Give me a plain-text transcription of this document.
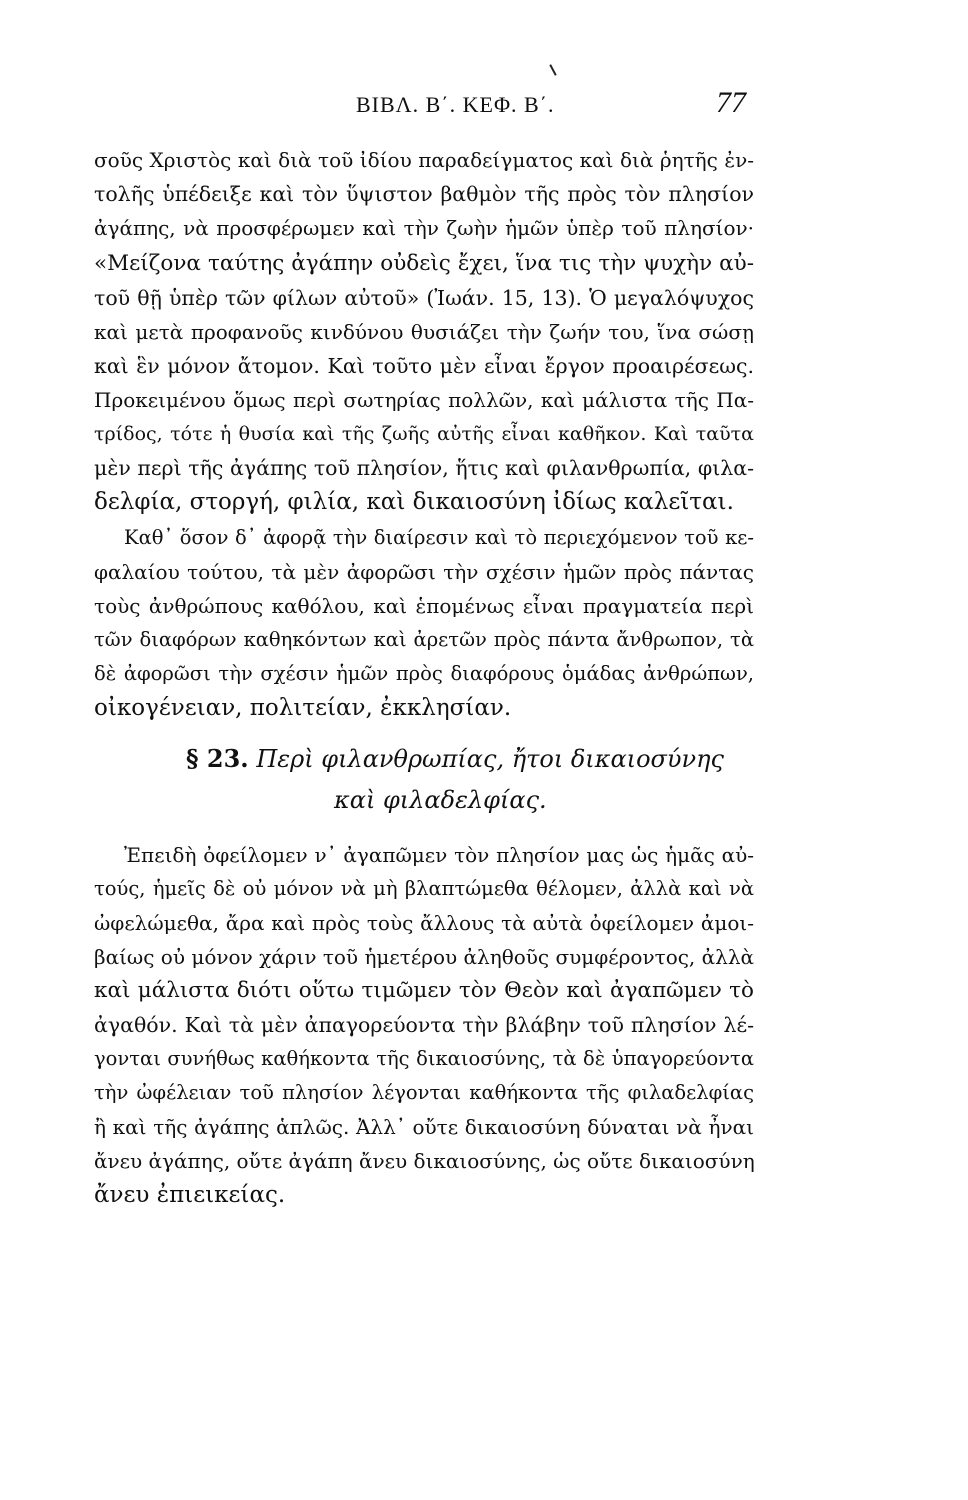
ΒΙΒΛ. Β΄. ΚΕΦ. Β΄.	77
σοῦς Χριστὸς καὶ διὰ τοῦ ἰδίου παραδείγματος καὶ διὰ ῥητῆς ἐν-
τολῆς ὑπέδειξε καὶ τὸν ὕψιστον βαθμὸν τῆς πρὸς τὸν πλησίον
ἀγάπης, νὰ προσφέρωμεν καὶ τὴν ζωὴν ἡμῶν ὑπὲρ τοῦ πλησίον·
«Μείζονα ταύτης ἀγάπην οὐδεὶς ἔχει, ἵνα τις τὴν ψυχὴν αὐ-
τοῦ θῇ ὑπὲρ τῶν φίλων αὐτοῦ» (Ἰωάν. 15, 13). Ὁ μεγαλόψυχος
καὶ μετὰ προφανοῦς κινδύνου θυσιάζει τὴν ζωήν του, ἵνα σώσῃ
καὶ ἓν μόνον ἄτομον. Καὶ τοῦτο μὲν εἶναι ἔργον προαιρέσεως.
Προκειμένου ὅμως περὶ σωτηρίας πολλῶν, καὶ μάλιστα τῆς Πα-
τρίδος, τότε ἡ θυσία καὶ τῆς ζωῆς αὐτῆς εἶναι καθῆκον. Καὶ ταῦτα
μὲν περὶ τῆς ἀγάπης τοῦ πλησίον, ἥτις καὶ φιλανθρωπία, φιλα-
δελφία, στοργή, φιλία, καὶ δικαιοσύνη ἰδίως καλεῖται.
Καθ᾽ ὅσον δ᾽ ἀφορᾷ τὴν διαίρεσιν καὶ τὸ περιεχόμενον τοῦ κε-
φαλαίου τούτου, τὰ μὲν ἀφορῶσι τὴν σχέσιν ἡμῶν πρὸς πάντας
τοὺς ἀνθρώπους καθόλου, καὶ ἑπομένως εἶναι πραγματεία περὶ
τῶν διαφόρων καθηκόντων καὶ ἀρετῶν πρὸς πάντα ἄνθρωπον, τὰ
δὲ ἀφορῶσι τὴν σχέσιν ἡμῶν πρὸς διαφόρους ὁμάδας ἀνθρώπων,
οἰκογένειαν, πολιτείαν, ἐκκλησίαν.
§ 23. Περὶ φιλανθρωπίας, ἤτοι δικαιοσύνης
καὶ φιλαδελφίας.
Ἐπειδὴ ὀφείλομεν ν᾽ ἀγαπῶμεν τὸν πλησίον μας ὡς ἡμᾶς αὐ-
τούς, ἡμεῖς δὲ οὐ μόνον νὰ μὴ βλαπτώμεθα θέλομεν, ἀλλὰ καὶ νὰ
ὠφελώμεθα, ἄρα καὶ πρὸς τοὺς ἄλλους τὰ αὐτὰ ὀφείλομεν ἀμοι-
βαίως οὐ μόνον χάριν τοῦ ἡμετέρου ἀληθοῦς συμφέροντος, ἀλλὰ
καὶ μάλιστα διότι οὕτω τιμῶμεν τὸν Θεὸν καὶ ἀγαπῶμεν τὸ
ἀγαθόν. Καὶ τὰ μὲν ἀπαγορεύοντα τὴν βλάβην τοῦ πλησίον λέ-
γονται συνήθως καθήκοντα τῆς δικαιοσύνης, τὰ δὲ ὑπαγορεύοντα
τὴν ὠφέλειαν τοῦ πλησίον λέγονται καθήκοντα τῆς φιλαδελφίας
ἢ καὶ τῆς ἀγάπης ἁπλῶς. Ἀλλ᾽ οὔτε δικαιοσύνη δύναται νὰ ἦναι
ἄνευ ἀγάπης, οὔτε ἀγάπη ἄνευ δικαιοσύνης, ὡς οὔτε δικαιοσύνη
ἄνευ ἐπιεικείας.
